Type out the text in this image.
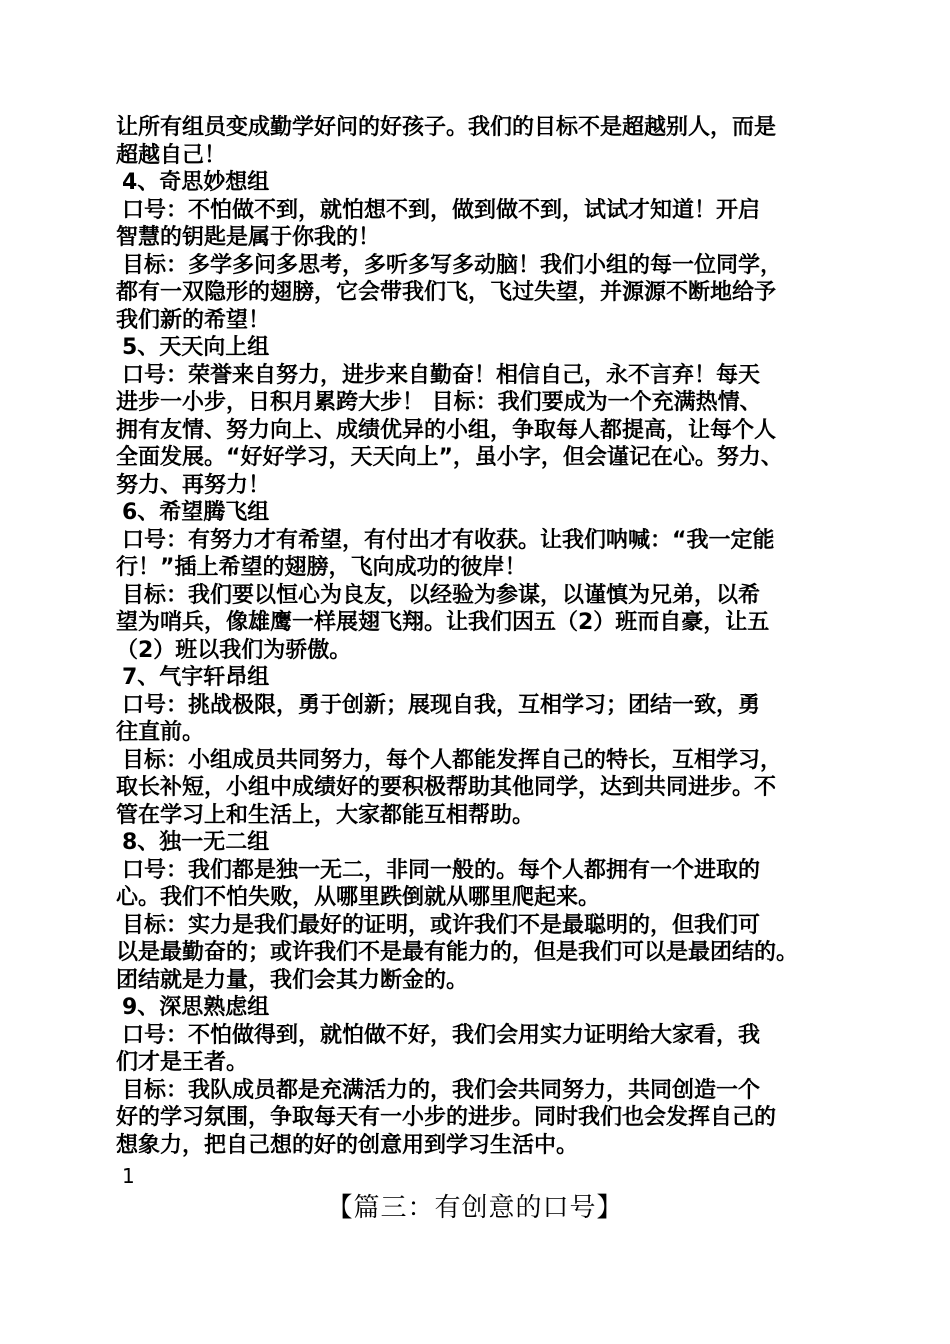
让所有组员变成勤学好问的好孩子。我们的目标不是超越别人，而是
超越自己！
4、奇思妙想组
口号：不怕做不到，就怕想不到，做到做不到，试试才知道！开启
智慧的钥匙是属于你我的！
目标：多学多问多思考，多听多写多动脑！我们小组的每一位同学，
都有一双隐形的翅膀，它会带我们飞，飞过失望，并源源不断地给予
我们新的希望！
5、天天向上组
口号：荣誉来自努力，进步来自勤奋！相信自己，永不言弃！每天
进步一小步，日积月累跨大步！ 目标：我们要成为一个充满热情、
拥有友情、努力向上、成绩优异的小组，争取每人都提高，让每个人
全面发展。“好好学习，天天向上”，虽小字，但会谨记在心。努力、
努力、再努力！
6、希望腾飞组
口号：有努力才有希望，有付出才有收获。让我们呐喊：“我一定能
行！”插上希望的翅膀，飞向成功的彼岸！
目标：我们要以恒心为良友，以经验为参谋，以谨慎为兄弟，以希
望为哨兵，像雄鹰一样展翅飞翔。让我们因五（2）班而自豪，让五
（2）班以我们为骄傲。
7、气宇轩昂组
口号：挑战极限，勇于创新；展现自我，互相学习；团结一致，勇
往直前。
目标：小组成员共同努力，每个人都能发挥自己的特长，互相学习，
取长补短，小组中成绩好的要积极帮助其他同学，达到共同进步。不
管在学习上和生活上，大家都能互相帮助。
8、独一无二组
口号：我们都是独一无二，非同一般的。每个人都拥有一个进取的
心。我们不怕失败，从哪里跌倒就从哪里爬起来。
目标：实力是我们最好的证明，或许我们不是最聪明的，但我们可
以是最勤奋的；或许我们不是最有能力的，但是我们可以是最团结的。
团结就是力量，我们会其力断金的。
9、深思熟虑组
口号：不怕做得到，就怕做不好，我们会用实力证明给大家看，我
们才是王者。
目标：我队成员都是充满活力的，我们会共同努力，共同创造一个
好的学习氛围，争取每天有一小步的进步。同时我们也会发挥自己的
想象力，把自己想的好的创意用到学习生活中。
1
【篇三：有创意的口号】
